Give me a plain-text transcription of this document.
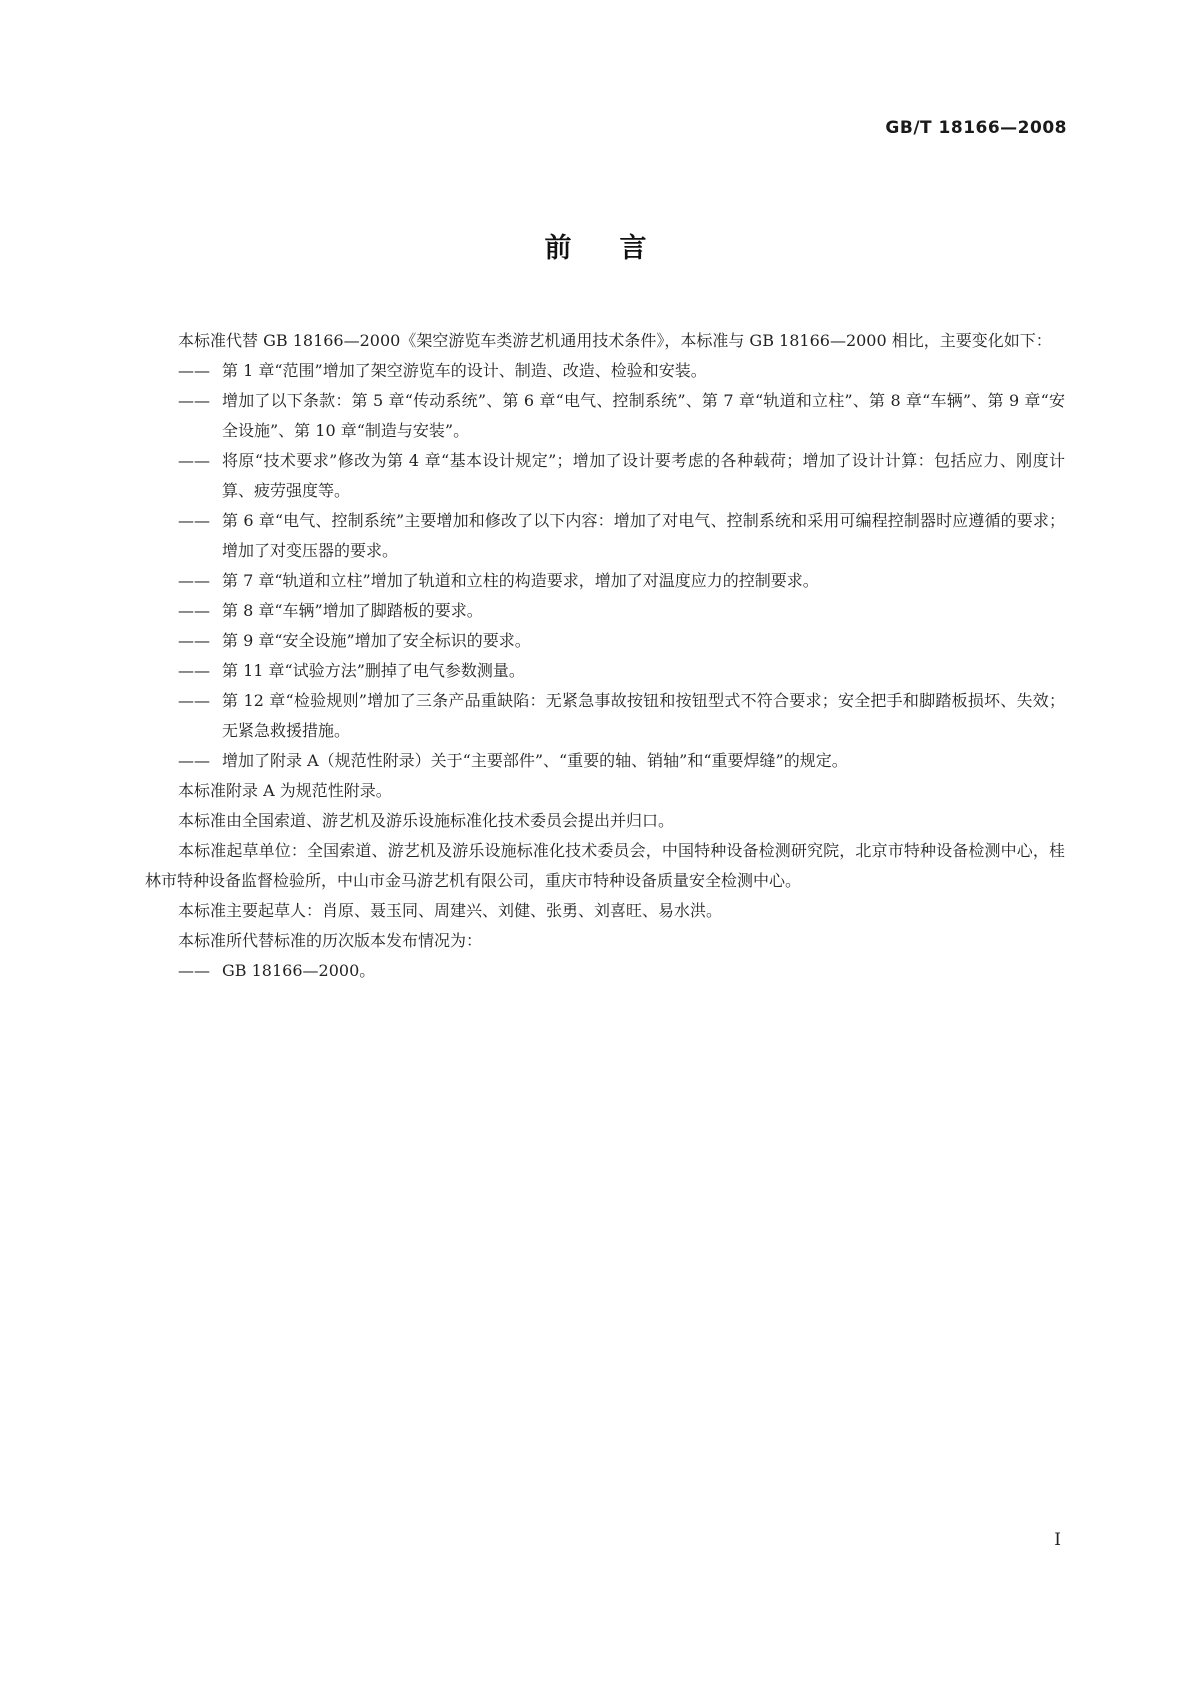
GB/T 18166—2008
前言

本标准代替 GB 18166—2000《架空游览车类游艺机通用技术条件》，本标准与 GB 18166—2000 相比，主要变化如下：

—— 第 1 章“范围”增加了架空游览车的设计、制造、改造、检验和安装。
—— 增加了以下条款：第 5 章“传动系统”、第 6 章“电气、控制系统”、第 7 章“轨道和立柱”、第 8 章“车辆”、第 9 章“安全设施”、第 10 章“制造与安装”。
—— 将原“技术要求”修改为第 4 章“基本设计规定”；增加了设计要考虑的各种载荷；增加了设计计算：包括应力、刚度计算、疲劳强度等。
—— 第 6 章“电气、控制系统”主要增加和修改了以下内容：增加了对电气、控制系统和采用可编程控制器时应遵循的要求；增加了对变压器的要求。
—— 第 7 章“轨道和立柱”增加了轨道和立柱的构造要求，增加了对温度应力的控制要求。
—— 第 8 章“车辆”增加了脚踏板的要求。
—— 第 9 章“安全设施”增加了安全标识的要求。
—— 第 11 章“试验方法”删掉了电气参数测量。
—— 第 12 章“检验规则”增加了三条产品重缺陷：无紧急事故按钮和按钮型式不符合要求；安全把手和脚踏板损坏、失效；无紧急救援措施。
—— 增加了附录 A（规范性附录）关于“主要部件”、“重要的轴、销轴”和“重要焊缝”的规定。

本标准附录 A 为规范性附录。

本标准由全国索道、游艺机及游乐设施标准化技术委员会提出并归口。

本标准起草单位：全国索道、游艺机及游乐设施标准化技术委员会，中国特种设备检测研究院，北京市特种设备检测中心，桂林市特种设备监督检验所，中山市金马游艺机有限公司，重庆市特种设备质量安全检测中心。

本标准主要起草人：肖原、聂玉同、周建兴、刘健、张勇、刘喜旺、易水洪。

本标准所代替标准的历次版本发布情况为：

—— GB 18166—2000。
I
